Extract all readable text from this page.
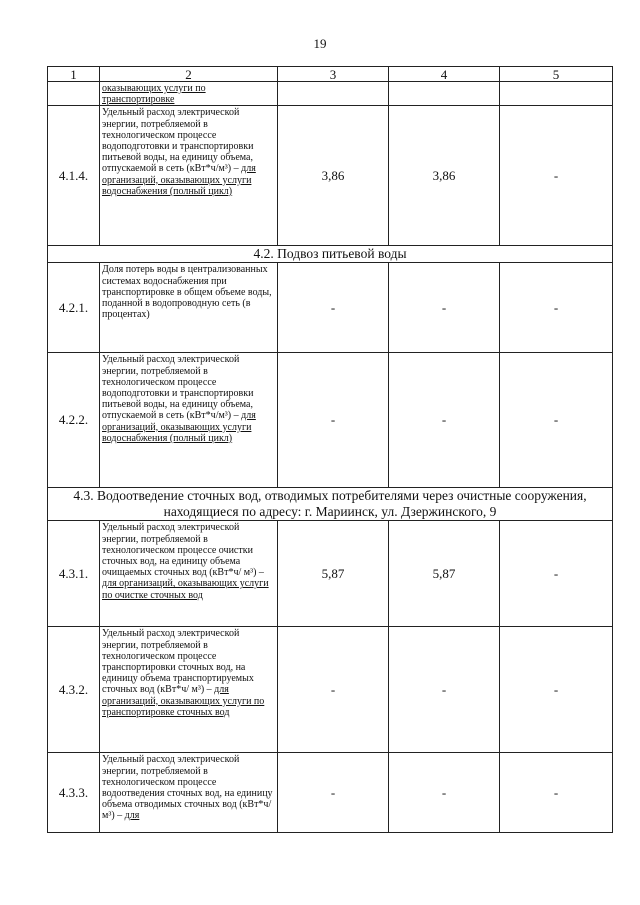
19
1	2	3	4	5
	оказывающих услуги по транспортировке			
4.1.4.	Удельный расход электрической энергии, потребляемой в технологическом процессе водоподготовки и транспортировки питьевой воды, на единицу объема, отпускаемой в сеть (кВт*ч/м³) – для организаций, оказывающих услуги водоснабжения (полный цикл)	3,86	3,86	-
4.2. Подвоз питьевой воды				
4.2.1.	Доля потерь воды в централизованных системах водоснабжения при транспортировке в общем объеме воды, поданной в водопроводную сеть (в процентах)	-	-	-
4.2.2.	Удельный расход электрической энергии, потребляемой в технологическом процессе водоподготовки и транспортировки питьевой воды, на единицу объема, отпускаемой в сеть (кВт*ч/м³) – для организаций, оказывающих услуги водоснабжения (полный цикл)	-	-	-
4.3. Водоотведение сточных вод, отводимых потребителями через очистные сооружения, находящиеся по адресу: г. Мариинск, ул. Дзержинского, 9				
4.3.1.	Удельный расход электрической энергии, потребляемой в технологическом процессе очистки сточных вод, на единицу объема очищаемых сточных вод (кВт*ч/ м³) – для организаций, оказывающих услуги по очистке сточных вод	5,87	5,87	-
4.3.2.	Удельный расход электрической энергии, потребляемой в технологическом процессе транспортировки сточных вод, на единицу объема транспортируемых сточных вод (кВт*ч/ м³) – для организаций, оказывающих услуги по транспортировке сточных вод	-	-	-
4.3.3.	Удельный расход электрической энергии, потребляемой в технологическом процессе водоотведения сточных вод, на единицу объема отводимых сточных вод (кВт*ч/ м³) – для	-	-	-
